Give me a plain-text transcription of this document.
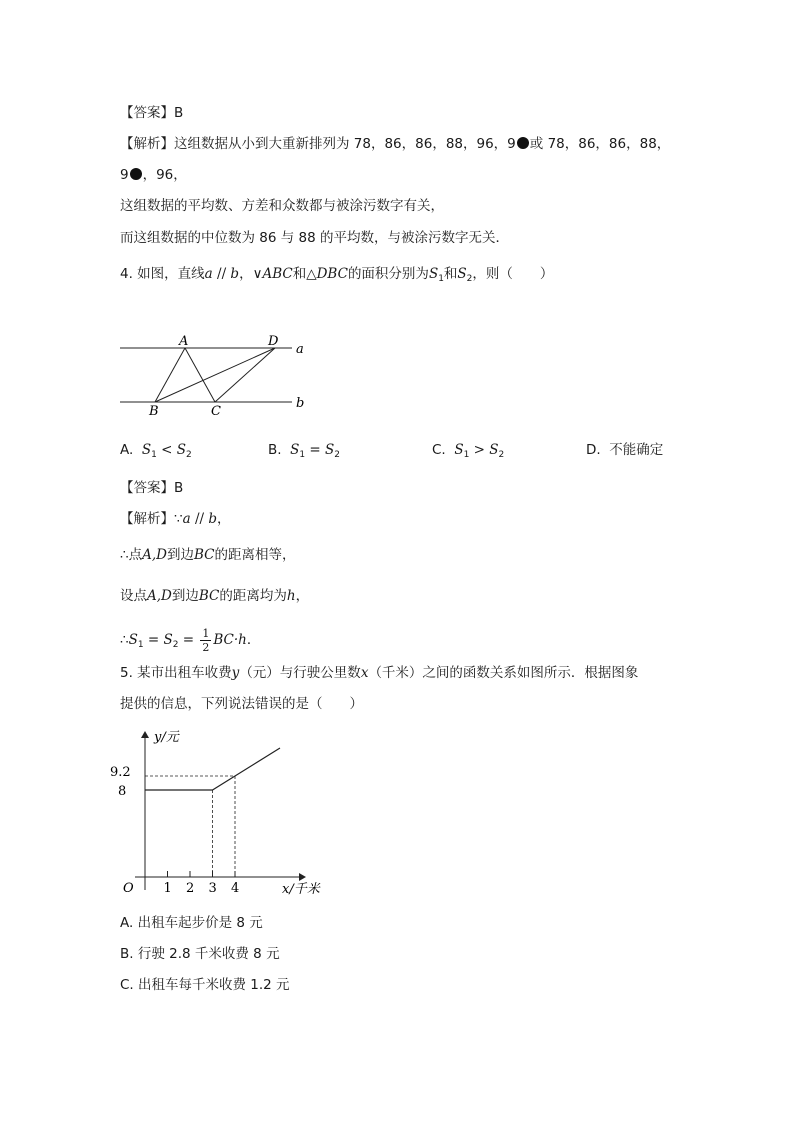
【答案】B
【解析】这组数据从小到大重新排列为 78，86，86，88，96，9 或 78，86，86，88，
9 ，96，
这组数据的平均数、方差和众数都与被涂污数字有关，
而这组数据的中位数为 86 与 88 的平均数，与被涂污数字无关．
4. 如图，直线a // b，∨ABC和△DBC的面积分别为$S_1$和$S_2$，则（　　）
A	D
B	C
a
b
A. $S_1 < S_2$	B. $S_1 = S_2$	C. $S_1 > S_2$	D. 不能确定
【答案】B
【解析】∵a // b，
∴点A,D到边BC的距离相等，
设点A,D到边BC的距离均为h，
$\therefore S_1 = S_2 = \frac{1}{2} BC\cdot h$．
5. 某市出租车收费y（元）与行驶公里数x（千米）之间的函数关系如图所示．根据图象
提供的信息，下列说法错误的是（　　）
y/元
x/千米
O 1 2 3 4
9.2
8
A. 出租车起步价是 8 元
B. 行驶 2.8 千米收费 8 元
C. 出租车每千米收费 1.2 元
